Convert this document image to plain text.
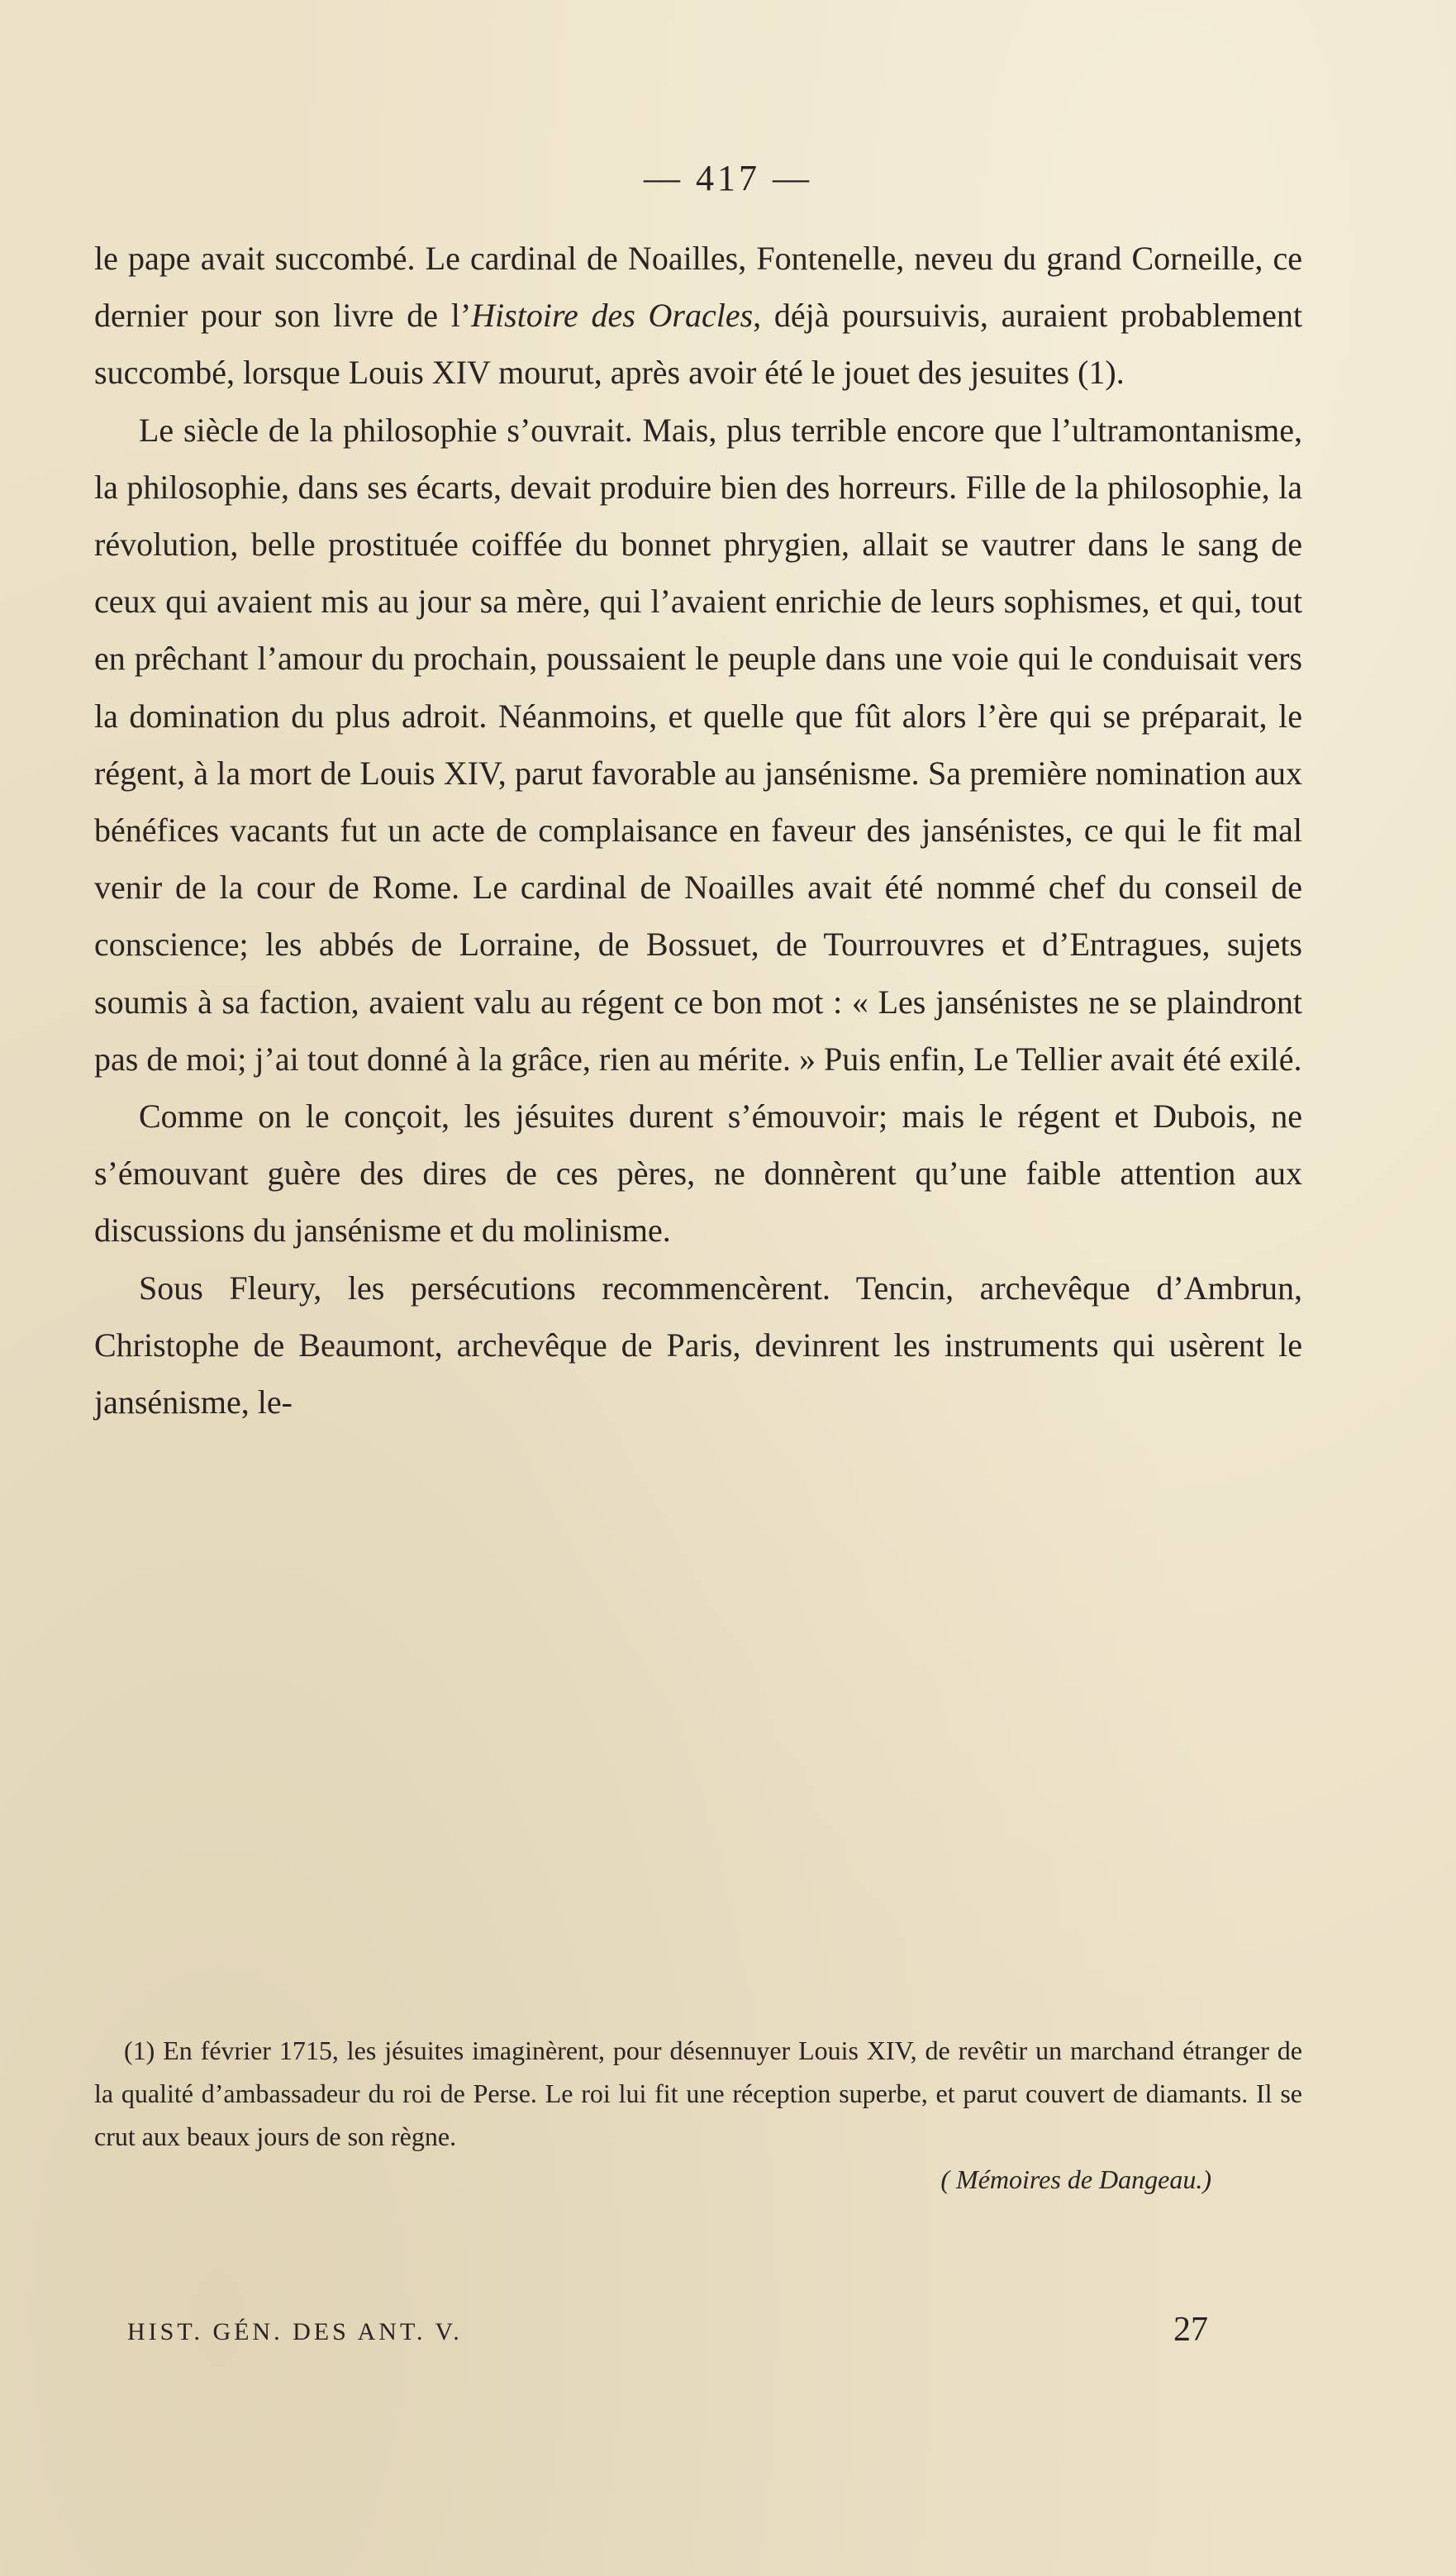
— 417 —

le pape avait succombé. Le cardinal de Noailles, Fontenelle, neveu du grand Corneille, ce dernier pour son livre de l’Histoire des Oracles, déjà poursuivis, auraient probablement succombé, lorsque Louis XIV mourut, après avoir été le jouet des jesuites (1).

Le siècle de la philosophie s’ouvrait. Mais, plus terrible encore que l’ultramontanisme, la philosophie, dans ses écarts, devait produire bien des horreurs. Fille de la philosophie, la révolution, belle prostituée coiffée du bonnet phrygien, allait se vautrer dans le sang de ceux qui avaient mis au jour sa mère, qui l’avaient enrichie de leurs sophismes, et qui, tout en prêchant l’amour du prochain, poussaient le peuple dans une voie qui le conduisait vers la domination du plus adroit. Néanmoins, et quelle que fût alors l’ère qui se préparait, le régent, à la mort de Louis XIV, parut favorable au jansénisme. Sa première nomination aux bénéfices vacants fut un acte de complaisance en faveur des jansénistes, ce qui le fit mal venir de la cour de Rome. Le cardinal de Noailles avait été nommé chef du conseil de conscience; les abbés de Lorraine, de Bossuet, de Tourrouvres et d’Entragues, sujets soumis à sa faction, avaient valu au régent ce bon mot : « Les jansénistes ne se plaindront pas de moi; j’ai tout donné à la grâce, rien au mérite. » Puis enfin, Le Tellier avait été exilé.

Comme on le conçoit, les jésuites durent s’émouvoir; mais le régent et Dubois, ne s’émouvant guère des dires de ces pères, ne donnèrent qu’une faible attention aux discussions du jansénisme et du molinisme.

Sous Fleury, les persécutions recommencèrent. Tencin, archevêque d’Ambrun, Christophe de Beaumont, archevêque de Paris, devinrent les instruments qui usèrent le jansénisme, le-

(1) En février 1715, les jésuites imaginèrent, pour désennuyer Louis XIV, de revêtir un marchand étranger de la qualité d’ambassadeur du roi de Perse. Le roi lui fit une réception superbe, et parut couvert de diamants. Il se crut aux beaux jours de son règne.

( Mémoires de Dangeau.)

HIST. GÉN. DES ANT. V.	27
